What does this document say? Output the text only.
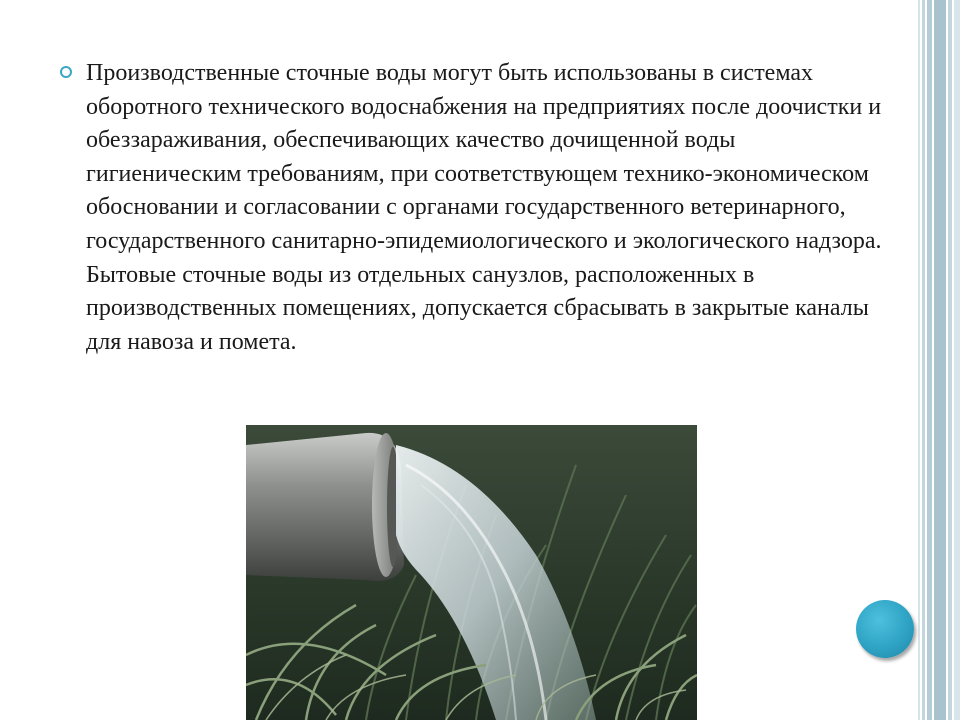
Производственные сточные воды могут быть использованы в системах оборотного технического водоснабжения на предприятиях после доочистки и обеззараживания, обеспечивающих качество дочищенной воды гигиеническим требованиям, при соответствующем технико-экономическом обосновании и согласовании с органами государственного ветеринарного, государственного санитарно-эпидемиологического и экологического надзора. Бытовые сточные воды из отдельных санузлов, расположенных в производственных помещениях, допускается сбрасывать в закрытые каналы для навоза и помета.
